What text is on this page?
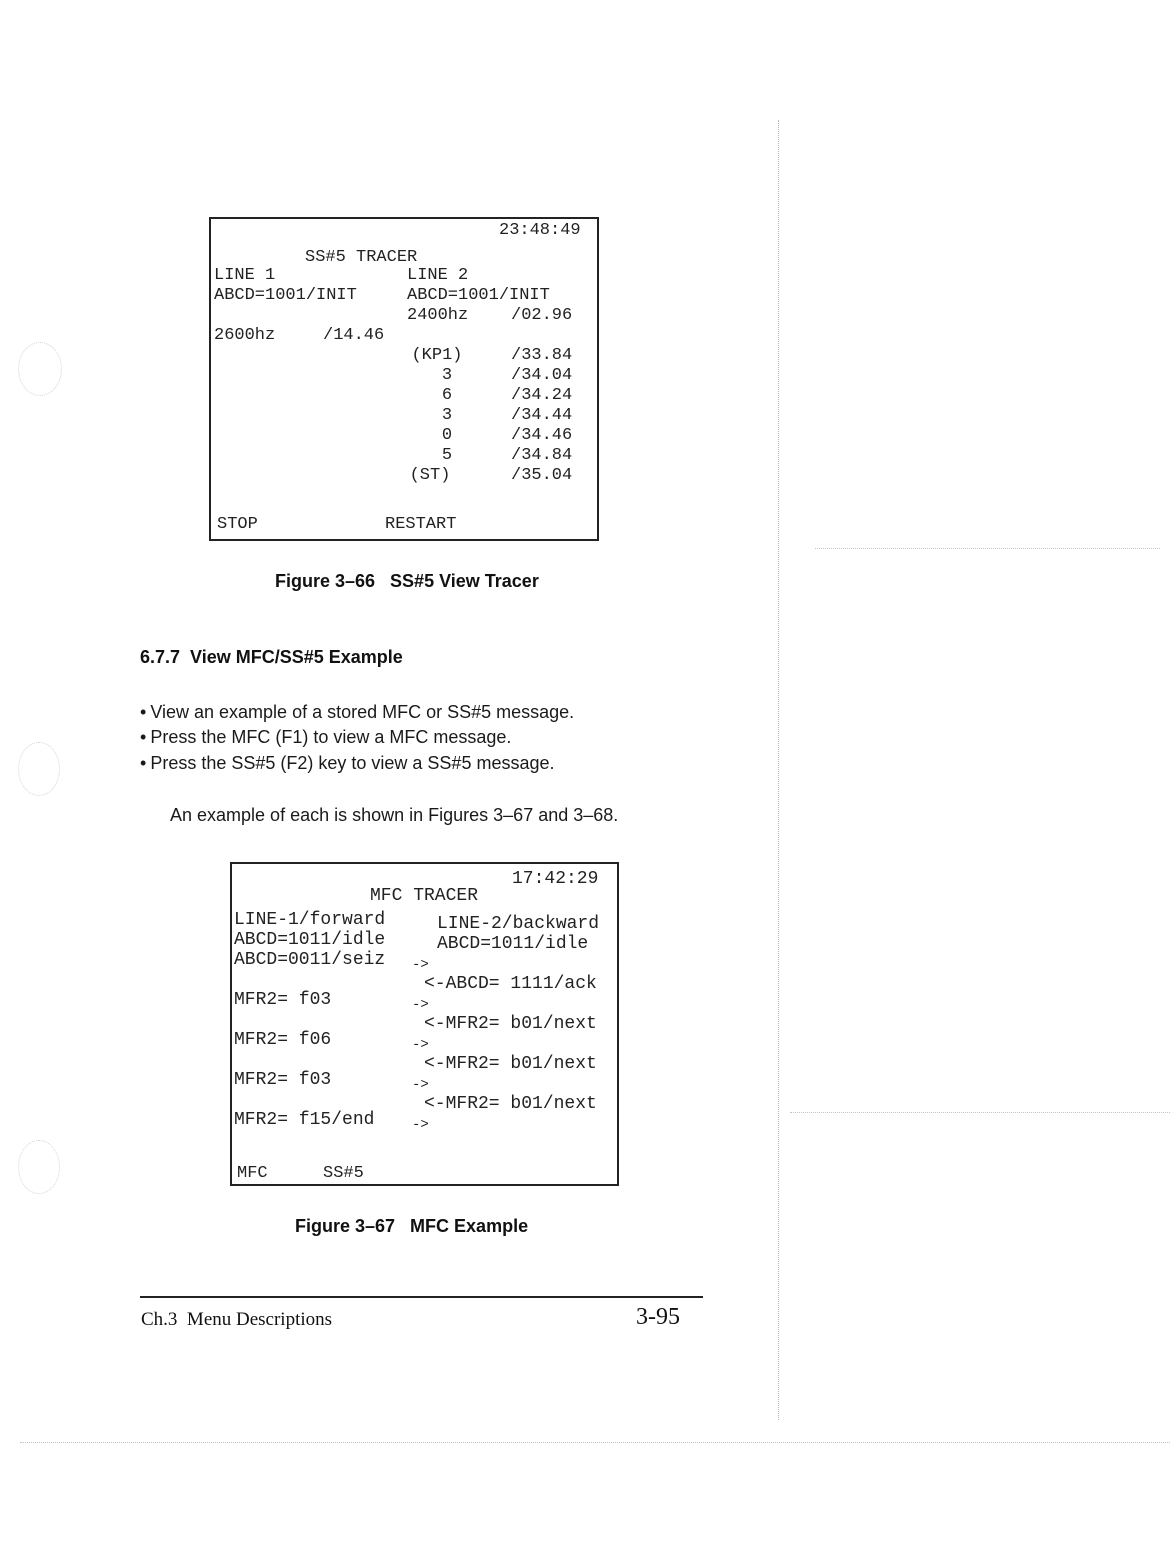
23:48:49
SS#5 TRACER
LINE 1	LINE 2
ABCD=1001/INIT	ABCD=1001/INIT
2400hz	/02.96
2600hz	/14.46
(KP1)	/33.84
3	/34.04
6	/34.24
3	/34.44
0	/34.46
5	/34.84
(ST)	/35.04
STOP	RESTART
Figure 3–66   SS#5 View Tracer
6.7.7  View MFC/SS#5 Example
• View an example of a stored MFC or SS#5 message.
• Press the MFC (F1) to view a MFC message.
• Press the SS#5 (F2) key to view a SS#5 message.
An example of each is shown in Figures 3–67 and 3–68.
17:42:29
MFC TRACER
LINE-1/forward	LINE-2/backward
ABCD=1011/idle	ABCD=1011/idle
ABCD=0011/seiz ->
<-ABCD= 1111/ack
MFR2= f03	->
<-MFR2= b01/next
MFR2= f06	->
<-MFR2= b01/next
MFR2= f03	->
<-MFR2= b01/next
MFR2= f15/end	->
MFC	SS#5
Figure 3–67   MFC Example
Ch.3  Menu Descriptions	3-95
